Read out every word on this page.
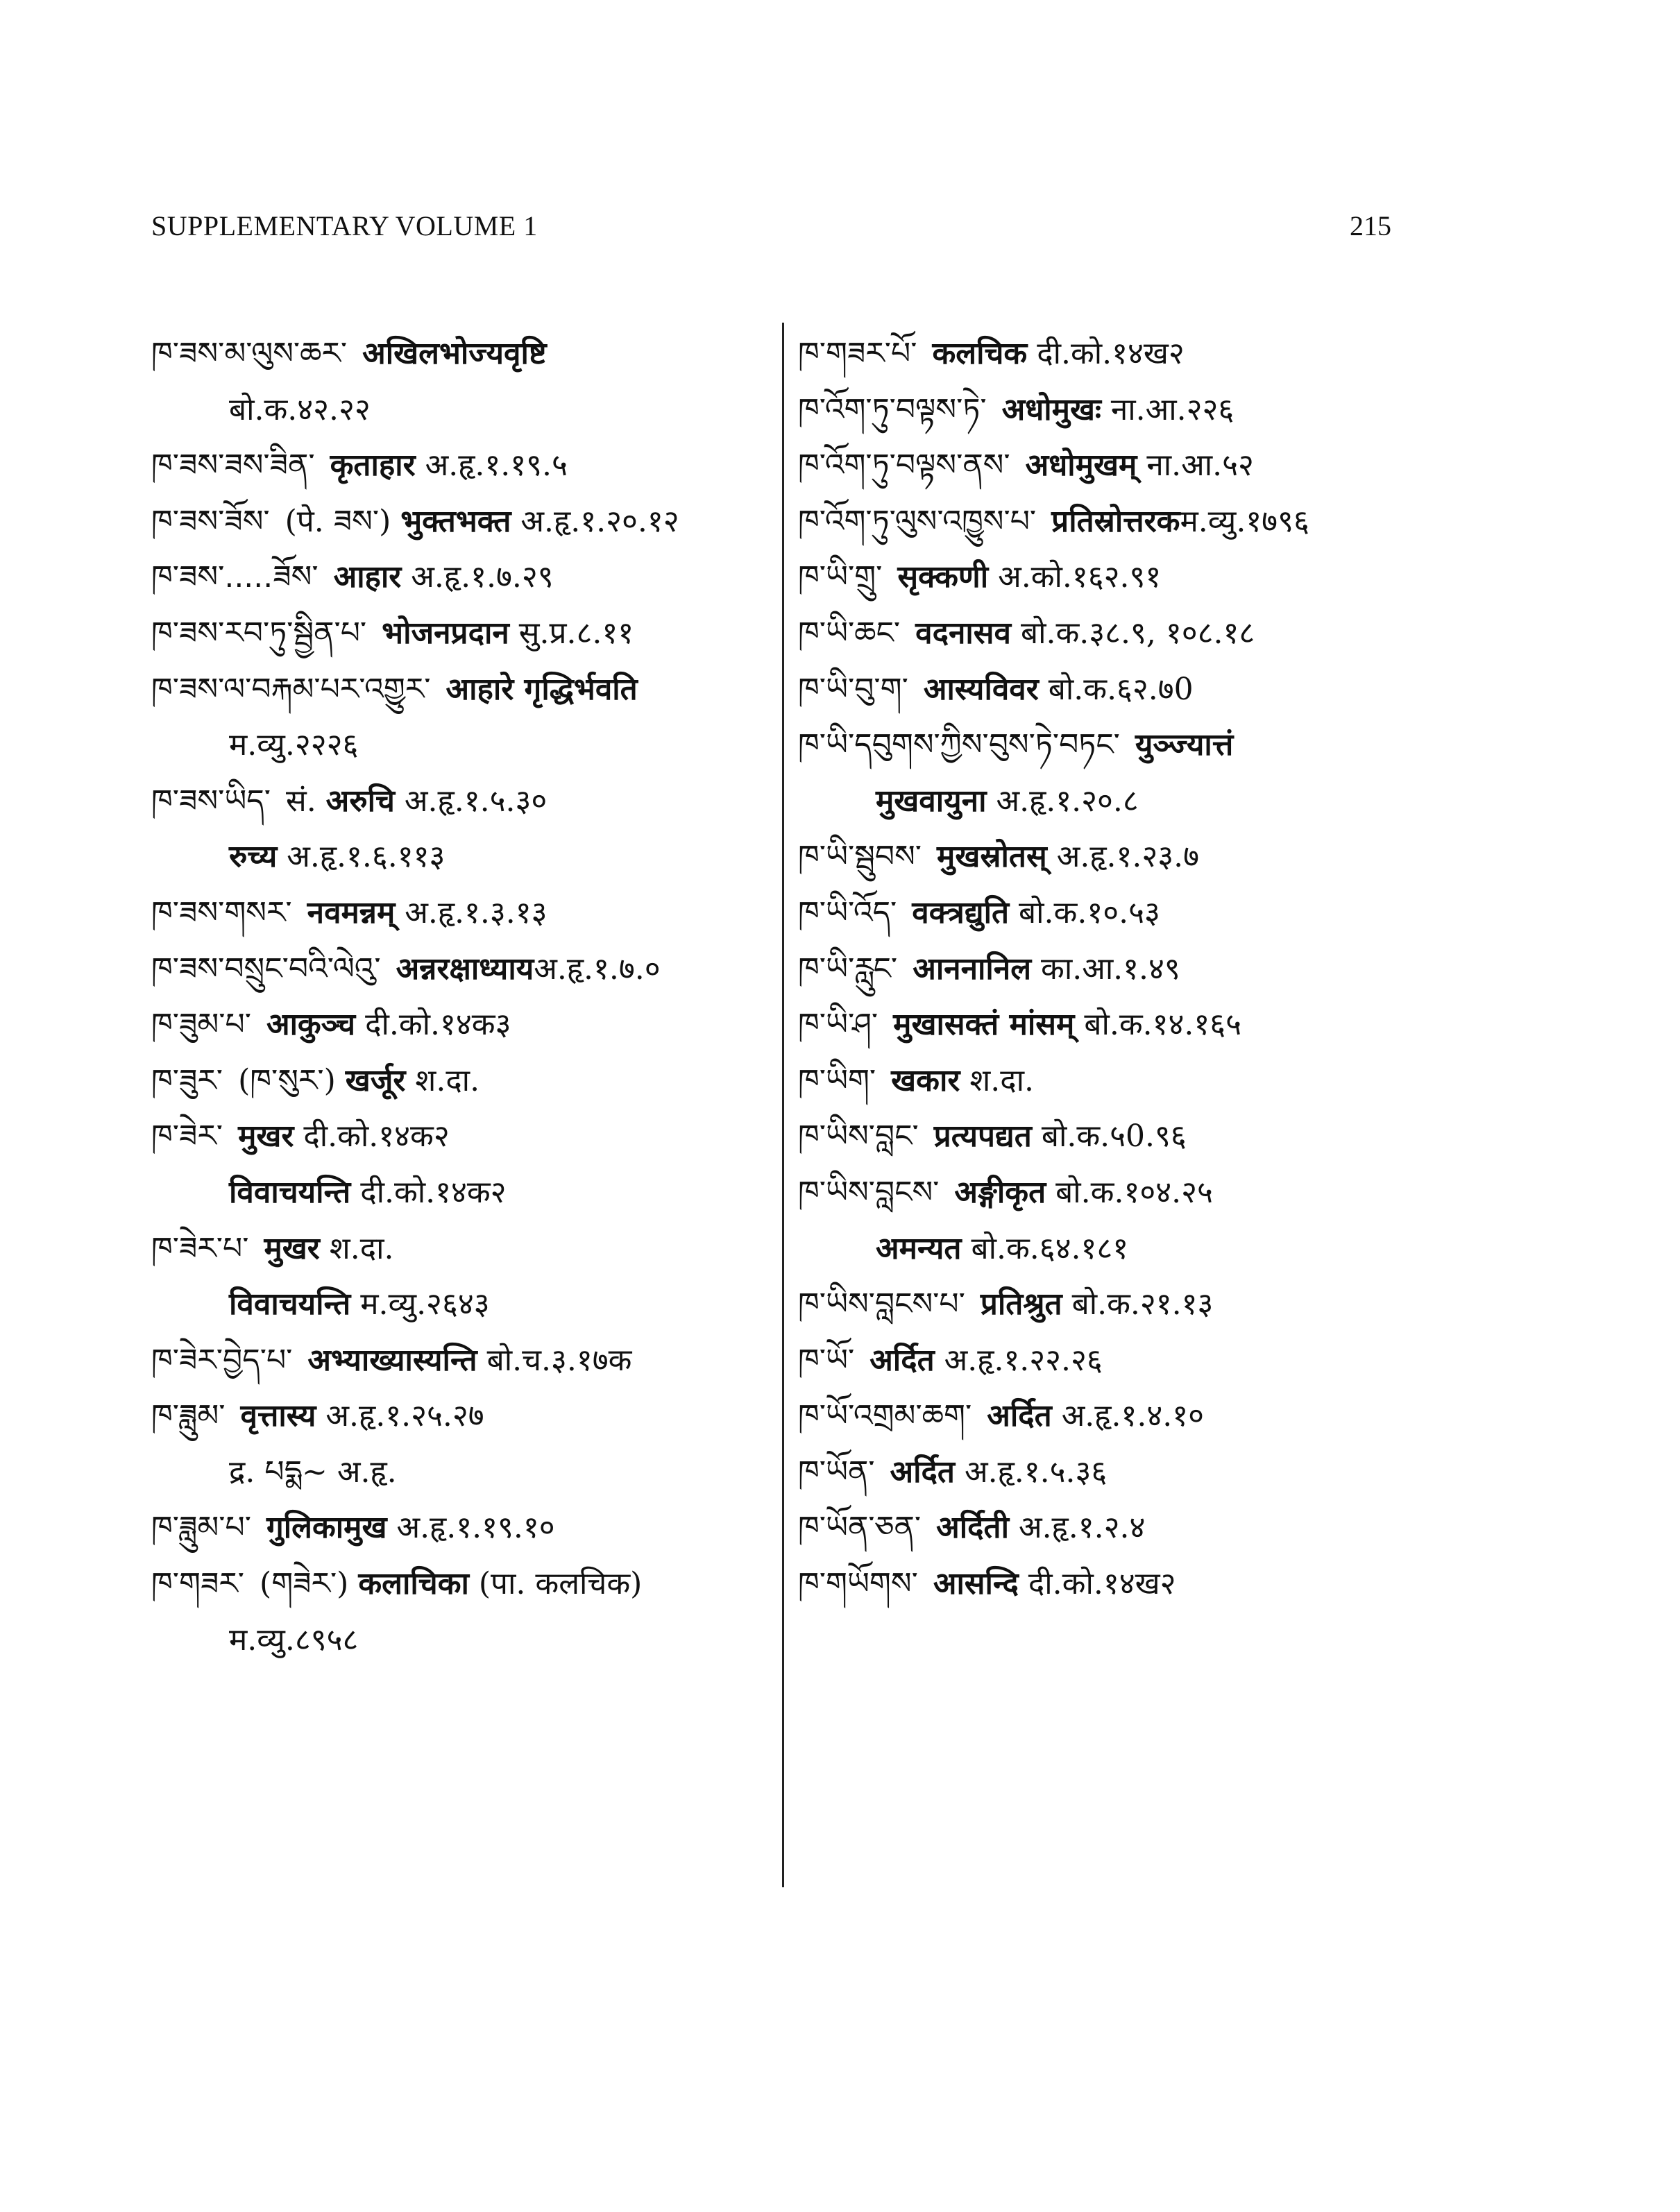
SUPPLEMENTARY VOLUME 1	215
ཁ་ཟས་མ་ལུས་ཆར་ अखिलभोज्यवृष्टि
बो.क.४२.२२
ཁ་ཟས་ཟས་ཟིན་ कृताहार अ.हृ.१.१९.५
ཁ་ཟས་ཟོས་ (पे. ཟས་) भुक्तभक्त अ.हृ.१.२०.१२
ཁ་ཟས་.....ཟོས་ आहार अ.हृ.१.७.२९
ཁ་ཟས་རབ་ཏུ་སྦྱིན་པ་ भोजनप्रदान सु.प्र.८.११
ཁ་ཟས་ལ་བརྐམ་པར་འགྱུར་ आहारे गृद्धिर्भवति
म.व्यु.२२२६
ཁ་ཟས་ཡིད་ सं. अरुचि अ.हृ.१.५.३०
रुच्य अ.हृ.१.६.११३
ཁ་ཟས་གསར་ नवमन्नम् अ.हृ.१.३.१३
ཁ་ཟས་བསྲུང་བའི་ལེའུ་ अन्नरक्षाध्यायअ.हृ.१.७.०
ཁ་ཟུམ་པ་ आकुञ्च दी.को.१४क३
ཁ་ཟུར་ (ཁ་སུར་) खर्जूर श.दा.
ཁ་ཟེར་ मुखर दी.को.१४क२
विवाचयन्ति दी.को.१४क२
ཁ་ཟེར་པ་ मुखर श.दा.
विवाचयन्ति म.व्यु.२६४३
ཁ་ཟེར་བྱེད་པ་ अभ्याख्यास्यन्ति बो.च.३.१७क
ཁ་ཟླུམ་ वृत्तास्य अ.हृ.१.२५.२७
द्र. པདྨ~ अ.हृ.
ཁ་ཟླུམ་པ་ गुलिकामुख अ.हृ.१.१९.१०
ཁ་གཟར་ (གཟེར་) कलाचिका (पा. कलचिक)
म.व्यु.८९५८
ཁ་གཟར་པོ་ कलचिक दी.को.१४ख२
ཁ་འོག་ཏུ་བལྟས་ཏེ་ अधोमुखः ना.आ.२२६
ཁ་འོག་ཏུ་བལྟས་ནས་ अधोमुखम् ना.आ.५२
ཁ་འོག་ཏུ་ལུས་འཁྱུས་པ་ प्रतिस्रोत्तरकम.व्यु.१७९६
ཁ་ཡི་གྲུ་ सृक्कणी अ.को.१६२.९१
ཁ་ཡི་ཆང་ वदनासव बो.क.३८.९, १०८.१८
ཁ་ཡི་བུ་ག་ आस्यविवर बो.क.६२.७0
ཁ་ཡི་དབུགས་ཀྱིས་བུས་ཏེ་བཏང་ युञ्ज्यात्तं
मुखवायुना अ.हृ.१.२०.८
ཁ་ཡི་སྦུབས་ मुखस्रोतस् अ.हृ.१.२३.७
ཁ་ཡི་འོད་ वक्त्रद्युति बो.क.१०.५३
ཁ་ཡི་རླུང་ आननानिल का.आ.१.४९
ཁ་ཡི་ཤ་ मुखासक्तं मांसम् बो.क.१४.१६५
ཁ་ཡིག་ खकार श.दा.
ཁ་ཡིས་བླང་ प्रत्यपद्यत बो.क.५0.९६
ཁ་ཡིས་བླངས་ अङ्गीकृत बो.क.१०४.२५
अमन्यत बो.क.६४.१८१
ཁ་ཡིས་བླངས་པ་ प्रतिश्रुत बो.क.२१.१३
ཁ་ཡོ་ अर्दित अ.हृ.१.२२.२६
ཁ་ཡོ་འགྲམ་ཆག་ अर्दित अ.हृ.१.४.१०
ཁ་ཡོན་ अर्दित अ.हृ.१.५.३६
ཁ་ཡོན་ཅན་ अर्दिती अ.हृ.१.२.४
ཁ་གཡོགས་ आसन्दि दी.को.१४ख२
